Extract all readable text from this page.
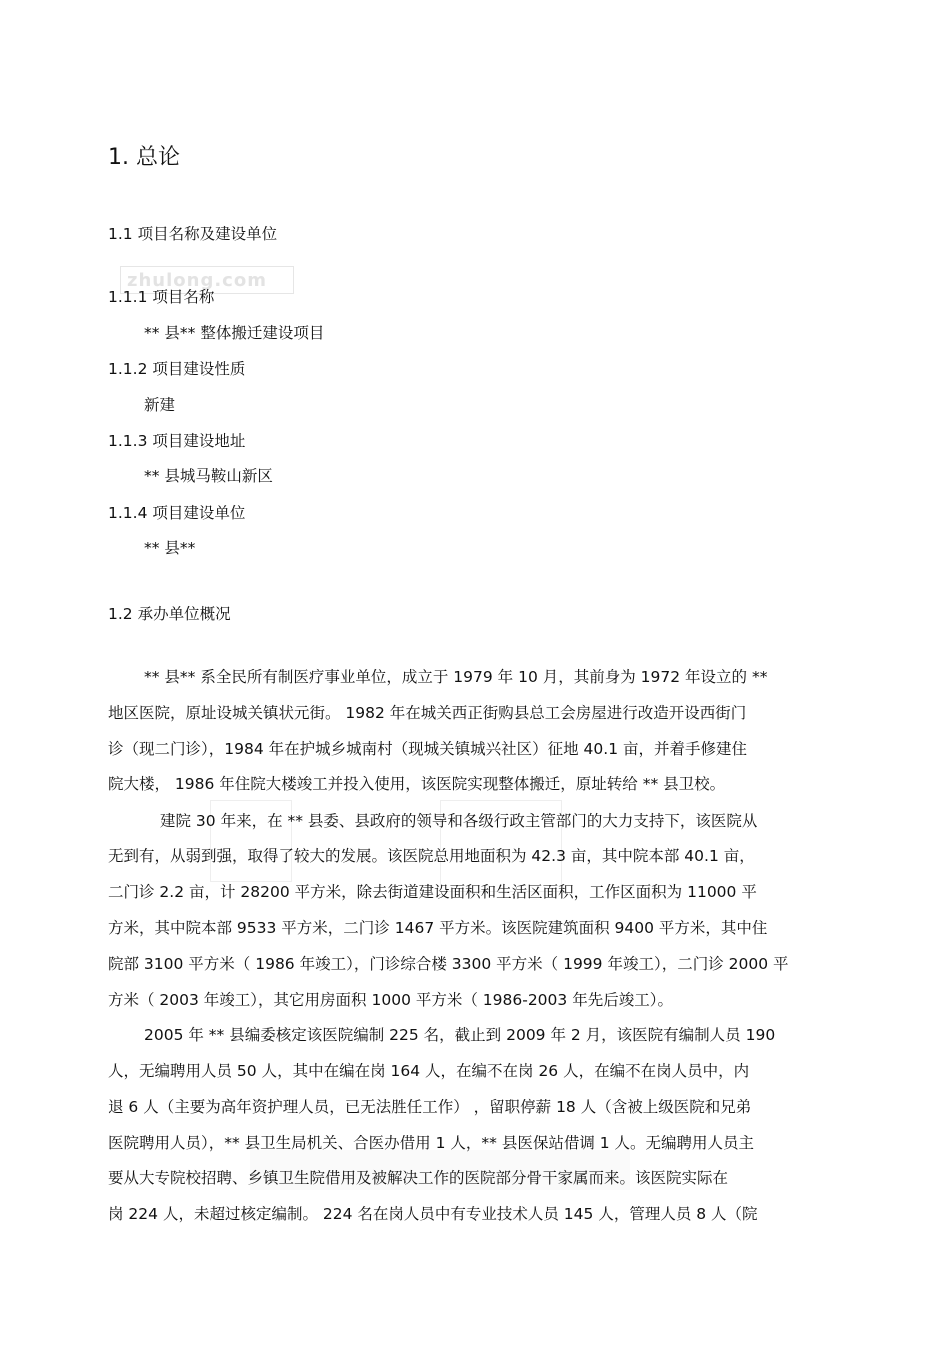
zhulong.com
1. 总论
1.1 项目名称及建设单位
1.1.1 项目名称
** 县** 整体搬迁建设项目
1.1.2 项目建设性质
新建
1.1.3 项目建设地址
** 县城马鞍山新区
1.1.4 项目建设单位
** 县**
1.2 承办单位概况
** 县** 系全民所有制医疗事业单位，成立于 1979 年 10 月，其前身为 1972 年设立的 **
地区医院，原址设城关镇状元街。 1982 年在城关西正街购县总工会房屋进行改造开设西街门
诊（现二门诊），1984 年在护城乡城南村（现城关镇城兴社区）征地 40.1 亩，并着手修建住
院大楼， 1986 年住院大楼竣工并投入使用，该医院实现整体搬迁，原址转给 ** 县卫校。
建院 30 年来，在 ** 县委、县政府的领导和各级行政主管部门的大力支持下，该医院从
无到有，从弱到强，取得了较大的发展。该医院总用地面积为 42.3 亩，其中院本部 40.1 亩，
二门诊 2.2 亩，计 28200 平方米，除去街道建设面积和生活区面积，工作区面积为 11000 平
方米，其中院本部 9533 平方米，二门诊 1467 平方米。该医院建筑面积 9400 平方米，其中住
院部 3100 平方米（ 1986 年竣工），门诊综合楼 3300 平方米（ 1999 年竣工），二门诊 2000 平
方米（ 2003 年竣工），其它用房面积 1000 平方米（ 1986-2003 年先后竣工）。
2005 年 ** 县编委核定该医院编制 225 名，截止到 2009 年 2 月，该医院有编制人员 190
人，无编聘用人员 50 人，其中在编在岗 164 人，在编不在岗 26 人，在编不在岗人员中，内
退 6 人（主要为高年资护理人员，已无法胜任工作） ，留职停薪 18 人（含被上级医院和兄弟
医院聘用人员），** 县卫生局机关、合医办借用 1 人，** 县医保站借调 1 人。无编聘用人员主
要从大专院校招聘、乡镇卫生院借用及被解决工作的医院部分骨干家属而来。该医院实际在
岗 224 人，未超过核定编制。 224 名在岗人员中有专业技术人员 145 人，管理人员 8 人（院
